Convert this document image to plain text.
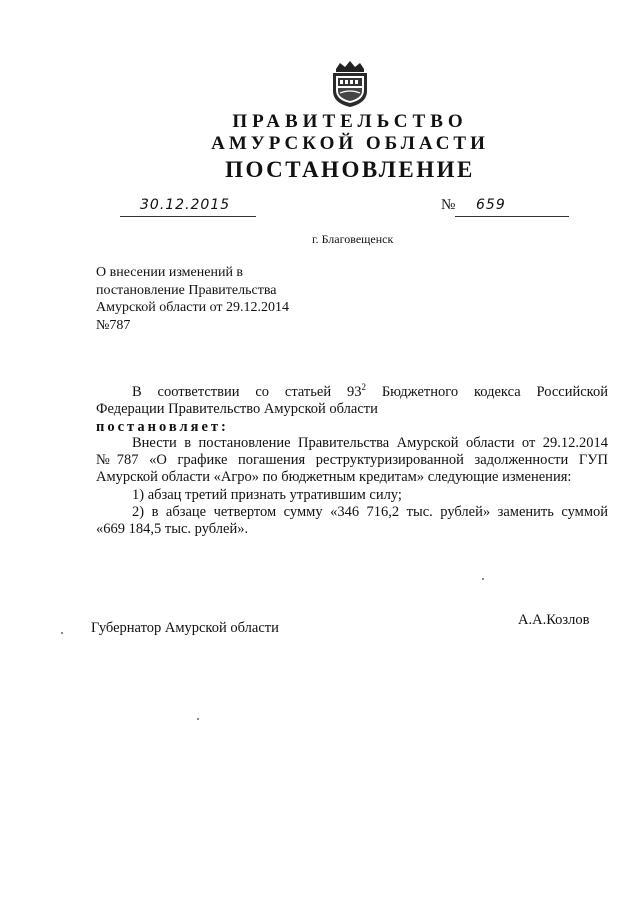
ПРАВИТЕЛЬСТВО
АМУРСКОЙ ОБЛАСТИ
ПОСТАНОВЛЕНИЕ
30.12.2015	№ 659
г. Благовещенск
О внесении изменений в
постановление Правительства
Амурской области от 29.12.2014
№787
В соответствии со статьей $93^2$ Бюджетного кодекса Российской
Федерации Правительство Амурской области
постановляет:
Внести в постановление Правительства Амурской области от 29.12.2014
№787 «О графике погашения реструктуризированной задолженности ГУП
Амурской области «Агро» по бюджетным кредитам» следующие изменения:
1) абзац третий признать утратившим силу;
2) в абзаце четвертом сумму «346 716,2 тыс. рублей» заменить суммой
«669 184,5 тыс. рублей».
Губернатор Амурской области	А.А.Козлов
